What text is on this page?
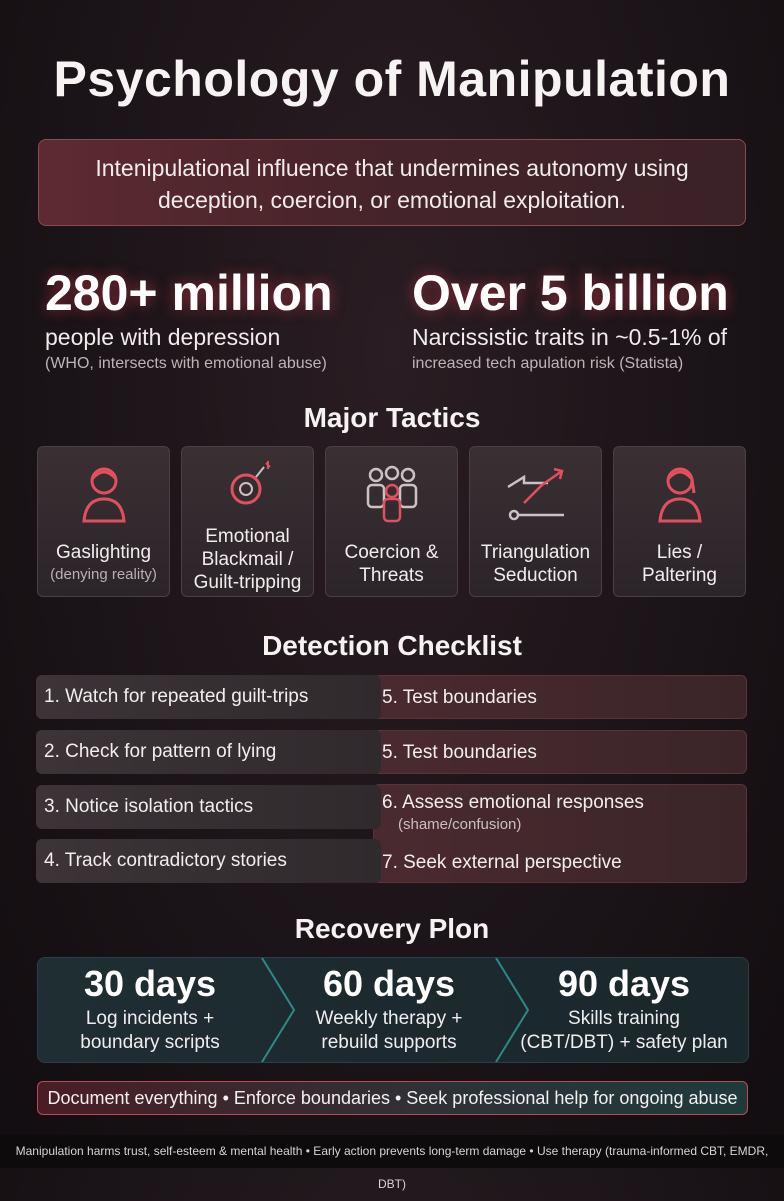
Psychology of Manipulation
Intenipulational influence that undermines autonomy using
deception, coercion, or emotional exploitation.
280+ million
people with depression
(WHO, intersects with emotional abuse)
Over 5 billion
Narcissistic traits in ~0.5-1% of
increased tech apulation risk (Statista)
Major Tactics
Gaslighting
(denying reality)
Emotional
Blackmail /
Guilt-tripping
Coercion &
Threats
Triangulation
Seduction
Lies /
Paltering
Detection Checklist
5. Test boundaries
1. Watch for repeated guilt-trips
5. Test boundaries
2. Check for pattern of lying
6. Assess emotional responses
(shame/confusion)
7. Seek external perspective
3. Notice isolation tactics
4. Track contradictory stories
Recovery Plon
30 days
Log incidents +
boundary scripts
60 days
Weekly therapy +
rebuild supports
90 days
Skills training
(CBT/DBT) + safety plan
Document everything • Enforce boundaries • Seek professional help for ongoing abuse
Manipulation harms trust, self-esteem & mental health • Early action prevents long-term damage • Use therapy (trauma-informed CBT, EMDR, DBT)
